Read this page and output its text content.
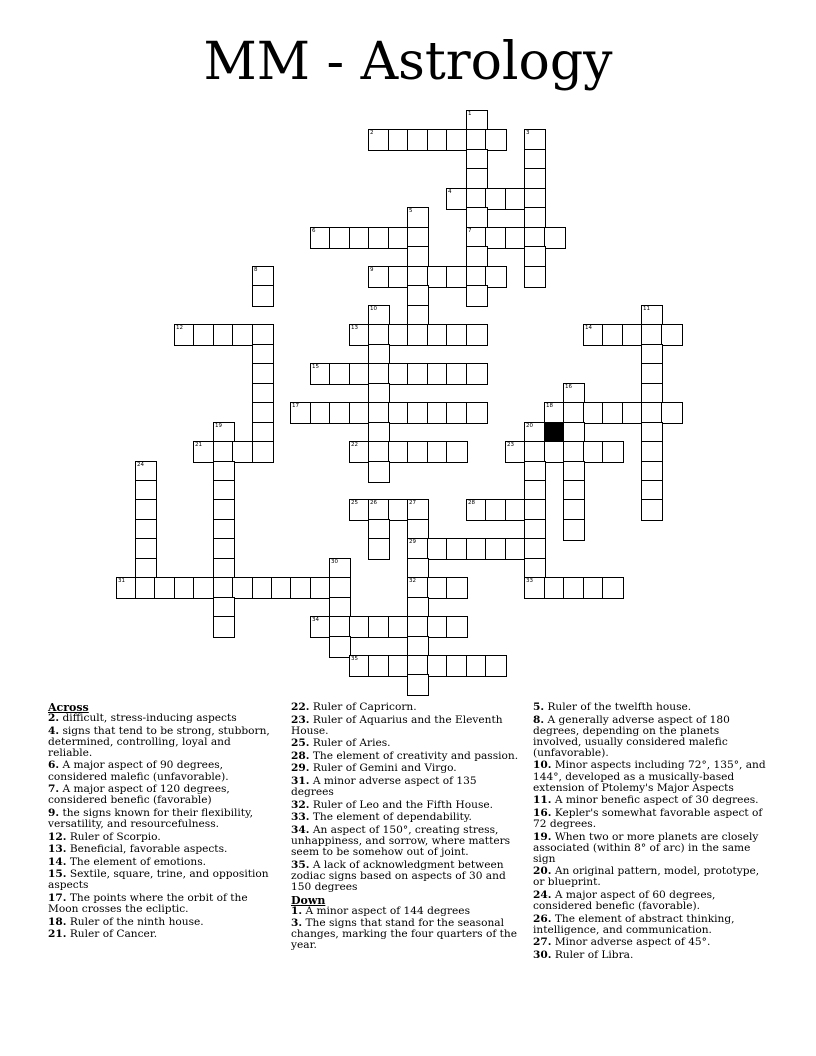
MM - Astrology
1
2	3
4
5
6	7
8	9
10	11
12	13	14
15
16
17	18
19	20
21	22	23
24
25 26	27	28
29
30
31	32	33
34
35
Across
2. difficult, stress-inducing aspects
4. signs that tend to be strong, stubborn, determined, controlling, loyal and reliable.
6. A major aspect of 90 degrees, considered malefic (unfavorable).
7. A major aspect of 120 degrees, considered benefic (favorable)
9. the signs known for their flexibility, versatility, and resourcefulness.
12. Ruler of Scorpio.
13. Beneficial, favorable aspects.
14. The element of emotions.
15. Sextile, square, trine, and opposition aspects
17. The points where the orbit of the Moon crosses the ecliptic.
18. Ruler of the ninth house.
21. Ruler of Cancer.
22. Ruler of Capricorn.
23. Ruler of Aquarius and the Eleventh House.
25. Ruler of Aries.
28. The element of creativity and passion.
29. Ruler of Gemini and Virgo.
31. A minor adverse aspect of 135 degrees
32. Ruler of Leo and the Fifth House.
33. The element of dependability.
34. An aspect of 150°, creating stress, unhappiness, and sorrow, where matters seem to be somehow out of joint.
35. A lack of acknowledgment between zodiac signs based on aspects of 30 and 150 degrees
Down
1. A minor aspect of 144 degrees
3. The signs that stand for the seasonal changes, marking the four quarters of the year.
5. Ruler of the twelfth house.
8. A generally adverse aspect of 180 degrees, depending on the planets involved, usually considered malefic (unfavorable).
10. Minor aspects including 72°, 135°, and 144°, developed as a musically-based extension of Ptolemy's Major Aspects
11. A minor benefic aspect of 30 degrees.
16. Kepler's somewhat favorable aspect of 72 degrees.
19. When two or more planets are closely associated (within 8° of arc) in the same sign
20. An original pattern, model, prototype, or blueprint.
24. A major aspect of 60 degrees, considered benefic (favorable).
26. The element of abstract thinking, intelligence, and communication.
27. Minor adverse aspect of 45°.
30. Ruler of Libra.
